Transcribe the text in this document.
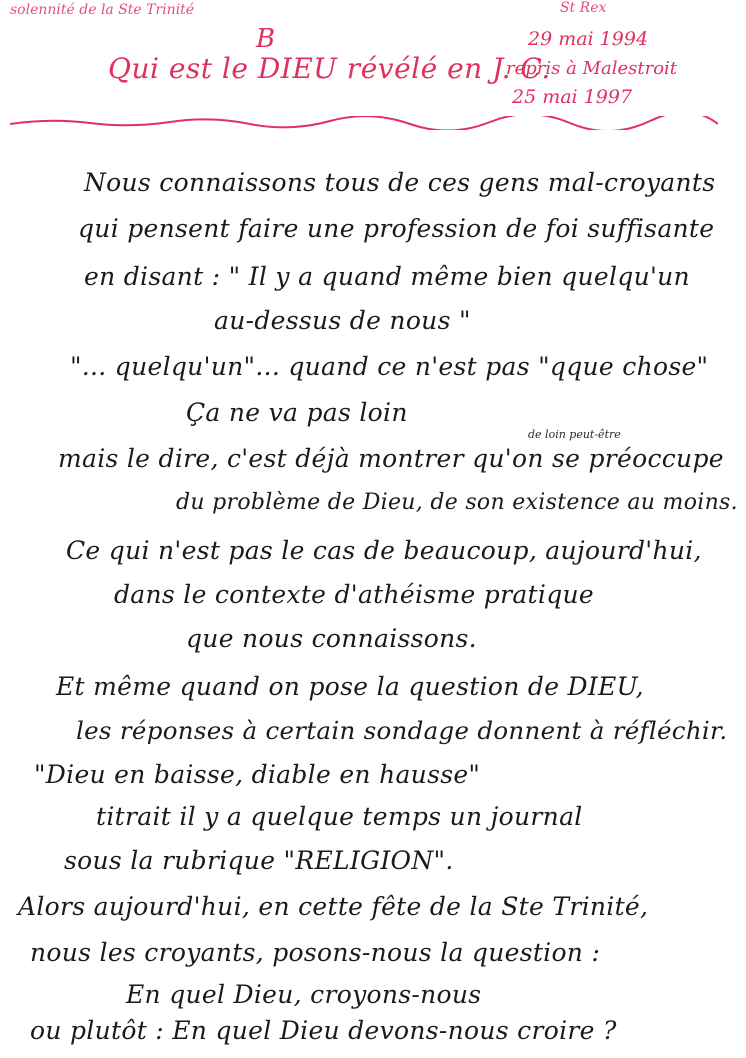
solennité de la Ste Trinité
B
Qui est le DIEU révélé en J. C.
St Rex
29 mai 1994
repris à Malestroit
25 mai 1997
Nous connaissons tous de ces gens mal-croyants
qui pensent faire une profession de foi suffisante
en disant : " Il y a quand même bien quelqu'un
au-dessus de nous "
"... quelqu'un"... quand ce n'est pas "qque chose"
Ça ne va pas loin
de loin peut-être
mais le dire, c'est déjà montrer qu'on se préoccupe
du problème de Dieu, de son existence au moins.
Ce qui n'est pas le cas de beaucoup, aujourd'hui,
dans le contexte d'athéisme pratique
que nous connaissons.
Et même quand on pose la question de DIEU,
les réponses à certain sondage donnent à réfléchir.
"Dieu en baisse, diable en hausse"
titrait il y a quelque temps un journal
sous la rubrique "RELIGION".
Alors aujourd'hui, en cette fête de la Ste Trinité,
nous les croyants, posons-nous la question :
En quel Dieu, croyons-nous
ou plutôt : En quel Dieu devons-nous croire ?
